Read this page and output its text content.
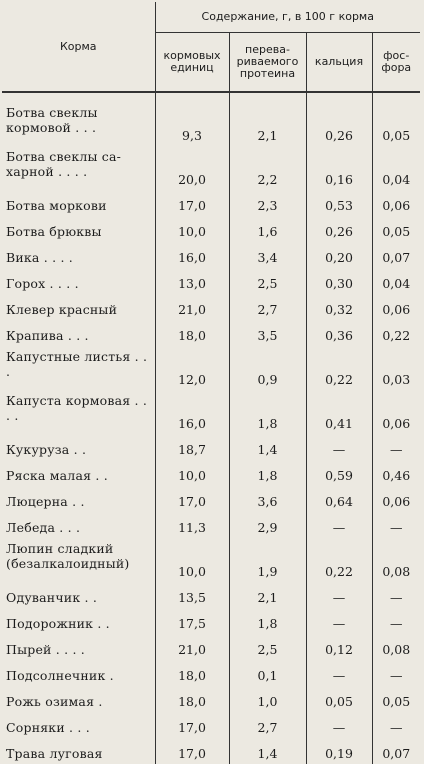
Корма	Содержание, г, в 100 г корма			
	кормовых единиц	перевариваемого протеина	кальция	фосфора
Ботва свеклы кормовой . . .	9,3	2,1	0,26	0,05
Ботва свеклы сахарной . . . .	20,0	2,2	0,16	0,04
Ботва моркови	17,0	2,3	0,53	0,06
Ботва брюквы	10,0	1,6	0,26	0,05
Вика . . . .	16,0	3,4	0,20	0,07
Горох . . . .	13,0	2,5	0,30	0,04
Клевер красный	21,0	2,7	0,32	0,06
Крапива . . .	18,0	3,5	0,36	0,22
Капустные листья . . .	12,0	0,9	0,22	0,03
Капуста кормовая . . . .	16,0	1,8	0,41	0,06
Кукуруза . .	18,7	1,4	—	—
Ряска малая . .	10,0	1,8	0,59	0,46
Люцерна . .	17,0	3,6	0,64	0,06
Лебеда . . .	11,3	2,9	—	—
Люпин сладкий (безалкалоидный)	10,0	1,9	0,22	0,08
Одуванчик . .	13,5	2,1	—	—
Подорожник . .	17,5	1,8	—	—
Пырей . . . .	21,0	2,5	0,12	0,08
Подсолнечник .	18,0	0,1	—	—
Рожь озимая .	18,0	1,0	0,05	0,05
Сорняки . . .	17,0	2,7	—	—
Трава луговая	17,0	1,4	0,19	0,07
